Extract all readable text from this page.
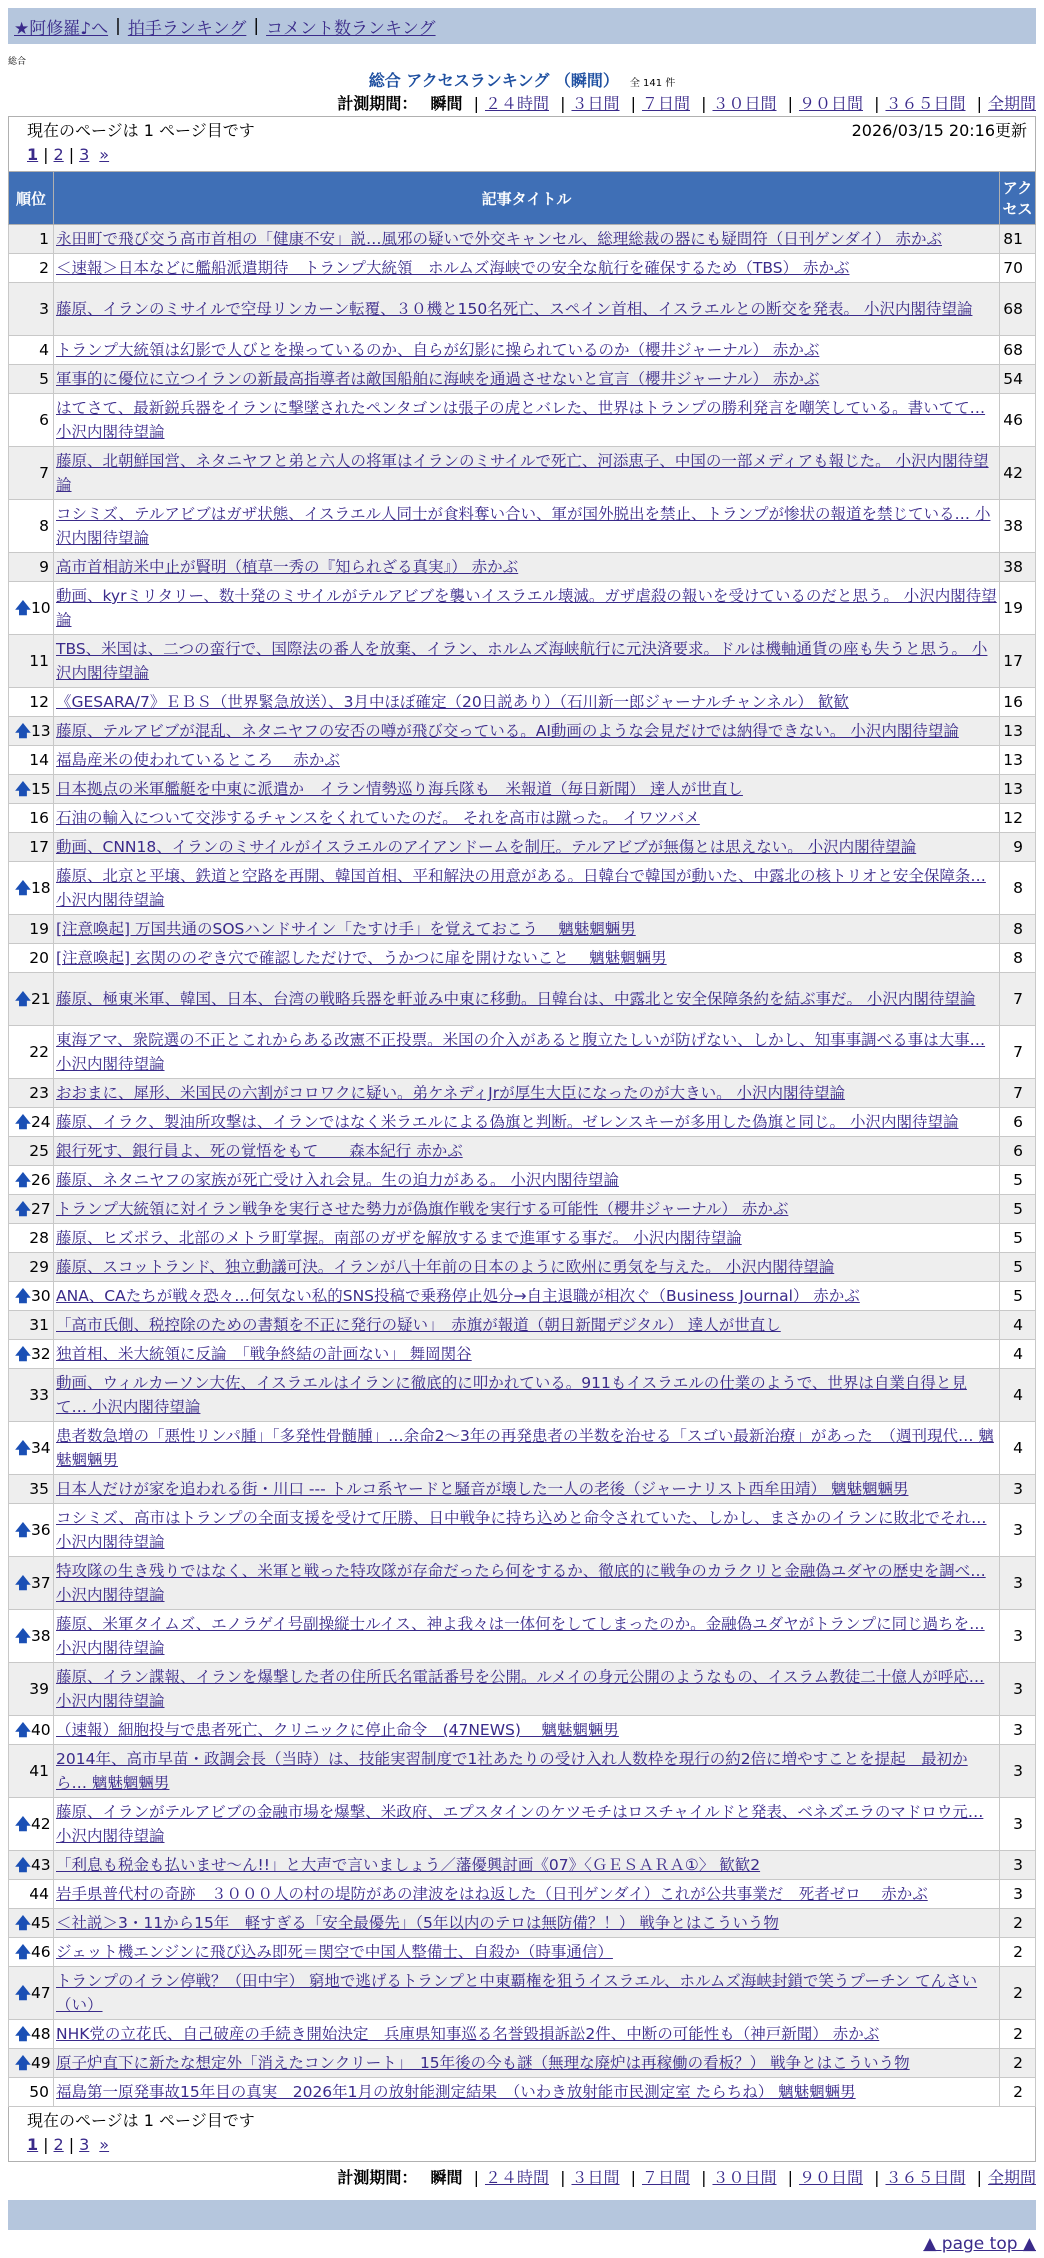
★阿修羅♪へ | 拍手ランキング | コメント数ランキング
総合
総合 アクセスランキング （瞬間） 全 141 件
計測期間： 瞬間 | ２４時間 | ３日間 | ７日間 | ３０日間 | ９０日間 | ３６５日間 | 全期間
現在のページは 1 ページ目です	2026/03/15 20:16更新
1 | 2 | 3 »
順位	記事タイトル	アクセス
1	永田町で飛び交う高市首相の「健康不安」説…風邪の疑いで外交キャンセル、総理総裁の器にも疑問符（日刊ゲンダイ） 赤かぶ	81
2	＜速報＞日本などに艦船派遣期待　トランプ大統領　ホルムズ海峡での安全な航行を確保するため（TBS） 赤かぶ	70
3	藤原、イランのミサイルで空母リンカーン転覆、３０機と150名死亡、スペイン首相、イスラエルとの断交を発表。 小沢内閣待望論	68
4	トランプ大統領は幻影で人びとを操っているのか、自らが幻影に操られているのか（櫻井ジャーナル） 赤かぶ	68
5	軍事的に優位に立つイランの新最高指導者は敵国船舶に海峡を通過させないと宣言（櫻井ジャーナル） 赤かぶ	54
6	はてさて、最新鋭兵器をイランに撃墜されたペンタゴンは張子の虎とバレた、世界はトランプの勝利発言を嘲笑している。書いてて… 小沢内閣待望論	46
7	藤原、北朝鮮国営、ネタニヤフと弟と六人の将軍はイランのミサイルで死亡、河添恵子、中国の一部メディアも報じた。 小沢内閣待望論	42
8	コシミズ、テルアビブはガザ状態、イスラエル人同士が食料奪い合い、軍が国外脱出を禁止、トランプが惨状の報道を禁じている… 小沢内閣待望論	38
9	高市首相訪米中止が賢明（植草一秀の『知られざる真実』） 赤かぶ	38

🡅 10	動画、kyrミリタリー、数十発のミサイルがテルアビブを襲いイスラエル壊滅。ガザ虐殺の報いを受けているのだと思う。 小沢内閣待望論	19
11	TBS、米国は、二つの蛮行で、国際法の番人を放棄、イラン、ホルムズ海峡航行に元決済要求。ドルは機軸通貨の座も失うと思う。 小沢内閣待望論	17
12	《GESARA/7》ＥＢＳ（世界緊急放送）、3月中ほぼ確定（20日説あり）（石川新一郎ジャーナルチャンネル） 歓歓	16

🡅 13	藤原、テルアビブが混乱、ネタニヤフの安否の噂が飛び交っている。AI動画のような会見だけでは納得できない。 小沢内閣待望論	13
14	福島産米の使われているところ　 赤かぶ	13

🡅 15	日本拠点の米軍艦艇を中東に派遣か　イラン情勢巡り海兵隊も　米報道（毎日新聞） 達人が世直し	13
16	石油の輸入について交渉するチャンスをくれていたのだ。 それを高市は蹴った。 イワツバメ	12
17	動画、CNN18、イランのミサイルがイスラエルのアイアンドームを制圧。テルアビブが無傷とは思えない。 小沢内閣待望論	9

🡅 18	藤原、北京と平壌、鉄道と空路を再開、韓国首相、平和解決の用意がある。日韓台で韓国が動いた、中露北の核トリオと安全保障条… 小沢内閣待望論	8
19	[注意喚起] 万国共通のSOSハンドサイン「たすけ手」を覚えておこう　 魑魅魍魎男	8
20	[注意喚起] 玄関ののぞき穴で確認しただけで、うかつに扉を開けないこと　 魑魅魍魎男	8

🡅 21	藤原、極東米軍、韓国、日本、台湾の戦略兵器を軒並み中東に移動。日韓台は、中露北と安全保障条約を結ぶ事だ。 小沢内閣待望論	7
22	東海アマ、衆院選の不正とこれからある改憲不正投票。米国の介入があると腹立たしいが防げない、しかし、知事事調べる事は大事… 小沢内閣待望論	7
23	おおまに、犀形、米国民の六割がコロワクに疑い。弟ケネディJrが厚生大臣になったのが大きい。 小沢内閣待望論	7

🡅 24	藤原、イラク、製油所攻撃は、イランではなく米ラエルによる偽旗と判断。ゼレンスキーが多用した偽旗と同じ。 小沢内閣待望論	6
25	銀行死す、銀行員よ、死の覚悟をもて　　森本紀行 赤かぶ	6

🡅 26	藤原、ネタニヤフの家族が死亡受け入れ会見。生の迫力がある。 小沢内閣待望論	5

🡅 27	トランプ大統領に対イラン戦争を実行させた勢力が偽旗作戦を実行する可能性（櫻井ジャーナル） 赤かぶ	5
28	藤原、ヒズボラ、北部のメトラ町掌握。南部のガザを解放するまで進軍する事だ。 小沢内閣待望論	5
29	藤原、スコットランド、独立動議可決。イランが八十年前の日本のように欧州に勇気を与えた。 小沢内閣待望論	5

🡅 30	ANA、CAたちが戦々恐々…何気ない私的SNS投稿で乗務停止処分→自主退職が相次ぐ（Business Journal） 赤かぶ	5
31	「高市氏側、税控除のための書類を不正に発行の疑い」　赤旗が報道（朝日新聞デジタル） 達人が世直し	4

🡅 32	独首相、米大統領に反論　「戦争終結の計画ない」 舞岡関谷	4
33	動画、ウィルカーソン大佐、イスラエルはイランに徹底的に叩かれている。911もイスラエルの仕業のようで、世界は自業自得と見て… 小沢内閣待望論	4

🡅 34	患者数急増の「悪性リンパ腫」「多発性骨髄腫」…余命2〜3年の再発患者の半数を治せる「スゴい最新治療」があった　（週刊現代… 魑魅魍魎男	4
35	日本人だけが家を追われる街・川口 --- トルコ系ヤードと騒音が壊した一人の老後（ジャーナリスト西牟田靖） 魑魅魍魎男	3

🡅 36	コシミズ、高市はトランプの全面支援を受けて圧勝、日中戦争に持ち込めと命令されていた、しかし、まさかのイランに敗北でそれ… 小沢内閣待望論	3

🡅 37	特攻隊の生き残りではなく、米軍と戦った特攻隊が存命だったら何をするか、徹底的に戦争のカラクリと金融偽ユダヤの歴史を調べ… 小沢内閣待望論	3

🡅 38	藤原、米軍タイムズ、エノラゲイ号副操縦士ルイス、神よ我々は一体何をしてしまったのか。金融偽ユダヤがトランプに同じ過ちを… 小沢内閣待望論	3
39	藤原、イラン諜報、イランを爆撃した者の住所氏名電話番号を公開。ルメイの身元公開のようなもの、イスラム教徒二十億人が呼応… 小沢内閣待望論	3

🡅 40	（速報）細胞投与で患者死亡、クリニックに停止命令　(47NEWS)　 魑魅魍魎男	3
41	2014年、高市早苗・政調会長（当時）は、技能実習制度で1社あたりの受け入れ人数枠を現行の約2倍に増やすことを提起　最初から… 魑魅魍魎男	3

🡅 42	藤原、イランがテルアビブの金融市場を爆撃、米政府、エプスタインのケツモチはロスチャイルドと発表、ベネズエラのマドロウ元… 小沢内閣待望論	3

🡅 43	「利息も税金も払いませ〜ん!!」と大声で言いましょう／藩優興討画《07》〈ＧＥＳＡＲＡ①〉 歓歓2	3
44	岩手県普代村の奇跡　３０００人の村の堤防があの津波をはね返した（日刊ゲンダイ）これが公共事業だ　死者ゼロ　 赤かぶ	3

🡅 45	＜社説＞3・11から15年　軽すぎる「安全最優先」（5年以内のテロは無防備？！） 戦争とはこういう物	2

🡅 46	ジェット機エンジンに飛び込み即死＝関空で中国人整備士、自殺か（時事通信）	2

🡅 47	トランプのイラン停戦？（田中宇） 窮地で逃げるトランプと中東覇権を狙うイスラエル、ホルムズ海峡封鎖で笑うプーチン てんさい（い）	2

🡅 48	NHK党の立花氏、自己破産の手続き開始決定　兵庫県知事巡る名誉毀損訴訟2件、中断の可能性も（神戸新聞） 赤かぶ	2

🡅 49	原子炉直下に新たな想定外「消えたコンクリート」　15年後の今も謎（無理な廃炉は再稼働の看板？） 戦争とはこういう物	2
50	福島第一原発事故15年目の真実　2026年1月の放射能測定結果　（いわき放射能市民測定室 たらちね） 魑魅魍魎男	2
現在のページは 1 ページ目です
1 | 2 | 3 »
計測期間： 瞬間 | ２４時間 | ３日間 | ７日間 | ３０日間 | ９０日間 | ３６５日間 | 全期間
▲ page top ▲
